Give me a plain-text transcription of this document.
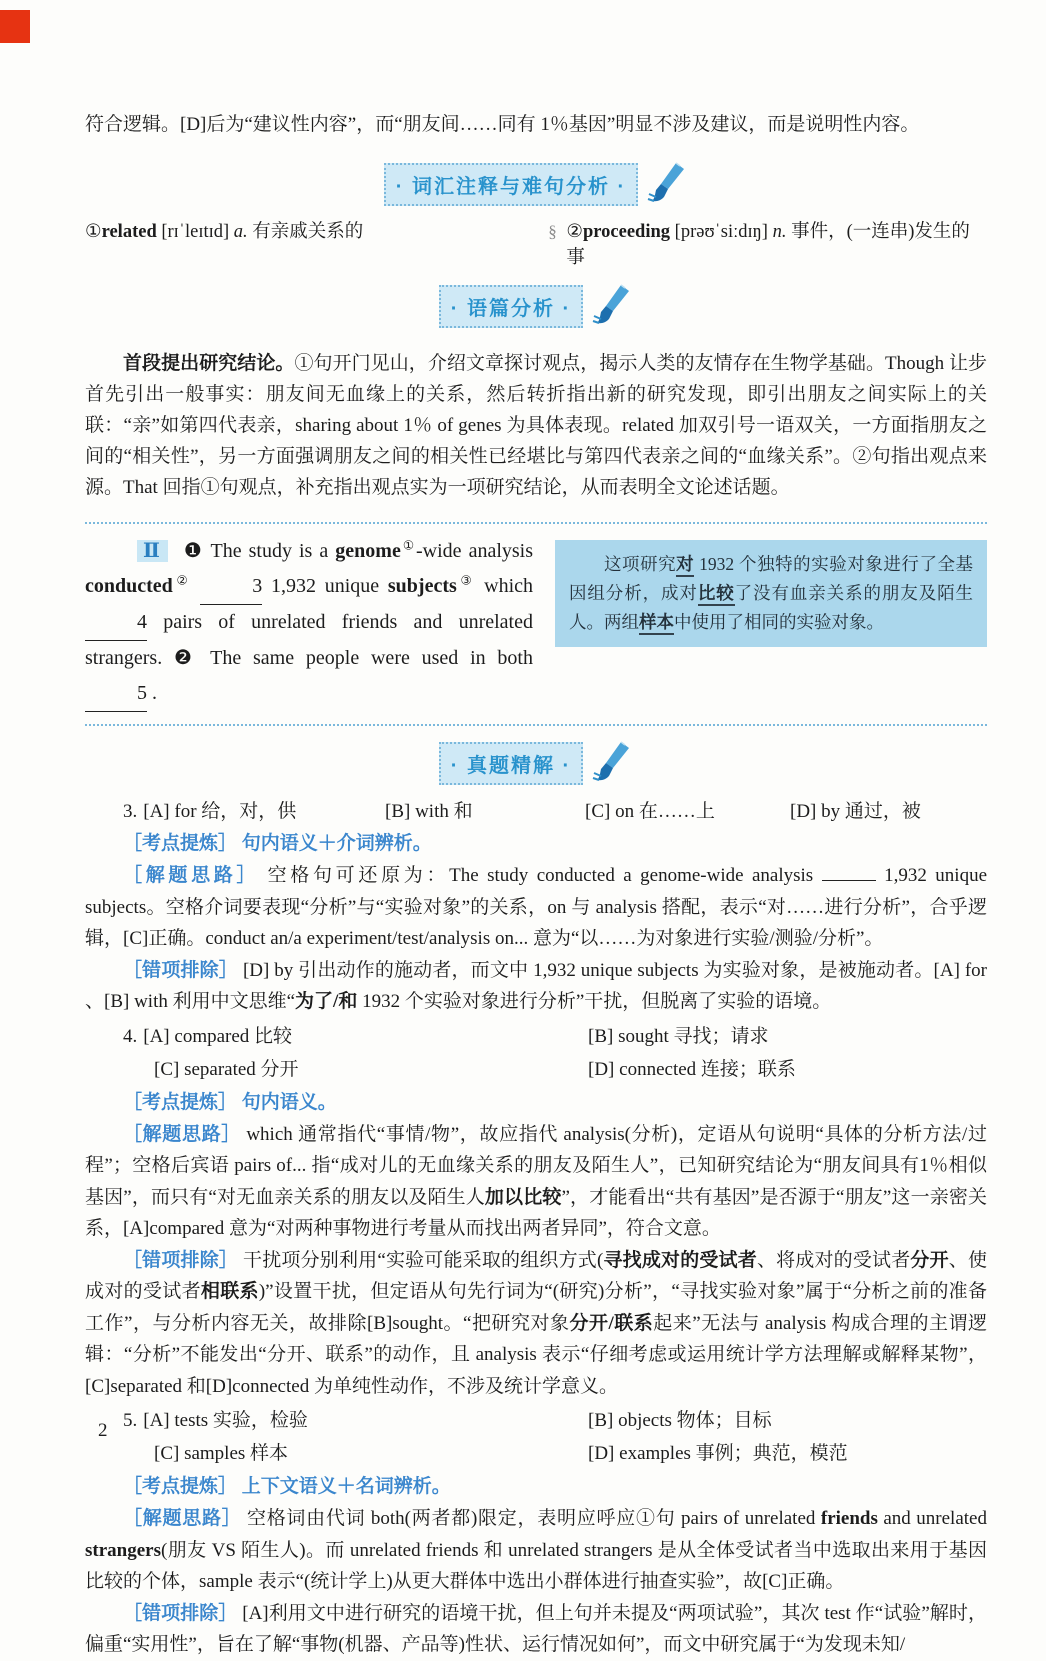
符合逻辑。[D]后为“建议性内容”，而“朋友间……同有 1％基因”明显不涉及建议，而是说明性内容。

· 词汇注释与难句分析 ·
①related [rɪˈleɪtɪd] a. 有亲戚关系的	§ ②proceeding [prəʊˈsiːdɪŋ] n. 事件，(一连串)发生的事
· 语篇分析 ·

首段提出研究结论。①句开门见山，介绍文章探讨观点，揭示人类的友情存在生物学基础。Though 让步首先引出一般事实：朋友间无血缘上的关系，然后转折指出新的研究发现，即引出朋友之间实际上的关联：“亲”如第四代表亲，sharing about 1％ of genes 为具体表现。related 加双引号一语双关，一方面指朋友之间的“相关性”，另一方面强调朋友之间的相关性已经堪比与第四代表亲之间的“血缘关系”。②句指出观点来源。That 回指①句观点，补充指出观点实为一项研究结论，从而表明全文论述话题。

Ⅱ ❶ The study is a genome①-wide analysis conducted②	3 1,932 unique subjects③ which 4 pairs of unrelated friends and unrelated strangers. ❷ The same people were used in both 5 .

这项研究对 1932 个独特的实验对象进行了全基因组分析，成对比较了没有血亲关系的朋友及陌生人。两组样本中使用了相同的实验对象。
· 真题精解 ·
3. [A] for 给，对，供	[B] with 和	[C] on 在……上	[D] by 通过，被

［考点提炼］ 句内语义＋介词辨析。

［解题思路］ 空格句可还原为：The study conducted a genome-wide analysis	1,932 unique subjects。空格介词要表现“分析”与“实验对象”的关系，on 与 analysis 搭配，表示“对……进行分析”，合乎逻辑，[C]正确。conduct an/a experiment/test/analysis on... 意为“以……为对象进行实验/测验/分析”。

［错项排除］ [D] by 引出动作的施动者，而文中 1,932 unique subjects 为实验对象，是被施动者。[A] for 、[B] with 利用中文思维“为了/和 1932 个实验对象进行分析”干扰，但脱离了实验的语境。

4. [A] compared 比较	[B] sought 寻找；请求
[C] separated 分开	[D] connected 连接；联系

［考点提炼］ 句内语义。

［解题思路］ which 通常指代“事情/物”，故应指代 analysis(分析)，定语从句说明“具体的分析方法/过程”；空格后宾语 pairs of... 指“成对儿的无血缘关系的朋友及陌生人”，已知研究结论为“朋友间具有1％相似基因”，而只有“对无血亲关系的朋友以及陌生人加以比较”，才能看出“共有基因”是否源于“朋友”这一亲密关系，[A]compared 意为“对两种事物进行考量从而找出两者异同”，符合文意。

［错项排除］ 干扰项分别利用“实验可能采取的组织方式(寻找成对的受试者、将成对的受试者分开、使成对的受试者相联系)”设置干扰，但定语从句先行词为“(研究)分析”，“寻找实验对象”属于“分析之前的准备工作”，与分析内容无关，故排除[B]sought。“把研究对象分开/联系起来”无法与 analysis 构成合理的主谓逻辑：“分析”不能发出“分开、联系”的动作，且 analysis 表示“仔细考虑或运用统计学方法理解或解释某物”，[C]separated 和[D]connected 为单纯性动作，不涉及统计学意义。

5. [A] tests 实验，检验	[B] objects 物体；目标
[C] samples 样本	[D] examples 事例；典范，模范

［考点提炼］ 上下文语义＋名词辨析。

［解题思路］ 空格词由代词 both(两者都)限定，表明应呼应①句 pairs of unrelated friends and unrelated strangers(朋友 VS 陌生人)。而 unrelated friends 和 unrelated strangers 是从全体受试者当中选取出来用于基因比较的个体，sample 表示“(统计学上)从更大群体中选出小群体进行抽查实验”，故[C]正确。

［错项排除］ [A]利用文中进行研究的语境干扰，但上句并未提及“两项试验”，其次 test 作“试验”解时，偏重“实用性”，旨在了解“事物(机器、产品等)性状、运行情况如何”，而文中研究属于“为发现未知/

2
